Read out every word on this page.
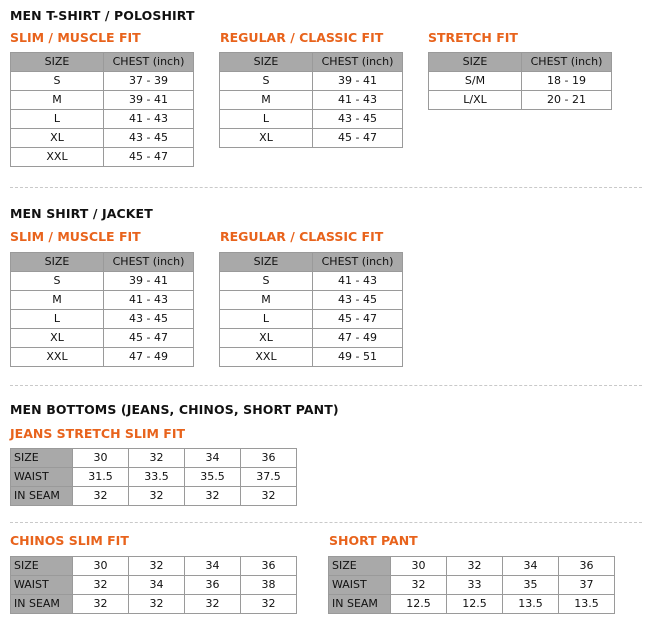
MEN T-SHIRT / POLOSHIRT
SLIM / MUSCLE FIT
SIZE	CHEST (inch)
S	37 - 39
M	39 - 41
L	41 - 43
XL	43 - 45
XXL	45 - 47
REGULAR / CLASSIC FIT
SIZE	CHEST (inch)
S	39 - 41
M	41 - 43
L	43 - 45
XL	45 - 47
STRETCH FIT
SIZE	CHEST (inch)
S/M	18 - 19
L/XL	20 - 21
MEN SHIRT / JACKET
SLIM / MUSCLE FIT
SIZE	CHEST (inch)
S	39 - 41
M	41 - 43
L	43 - 45
XL	45 - 47
XXL	47 - 49
REGULAR / CLASSIC FIT
SIZE	CHEST (inch)
S	41 - 43
M	43 - 45
L	45 - 47
XL	47 - 49
XXL	49 - 51
MEN BOTTOMS (JEANS, CHINOS, SHORT PANT)
JEANS STRETCH SLIM FIT
SIZE	30	32	34	36
WAIST	31.5	33.5	35.5	37.5
IN SEAM	32	32	32	32
CHINOS SLIM FIT
SIZE	30	32	34	36
WAIST	32	34	36	38
IN SEAM	32	32	32	32
SHORT PANT
SIZE	30	32	34	36
WAIST	32	33	35	37
IN SEAM	12.5	12.5	13.5	13.5
